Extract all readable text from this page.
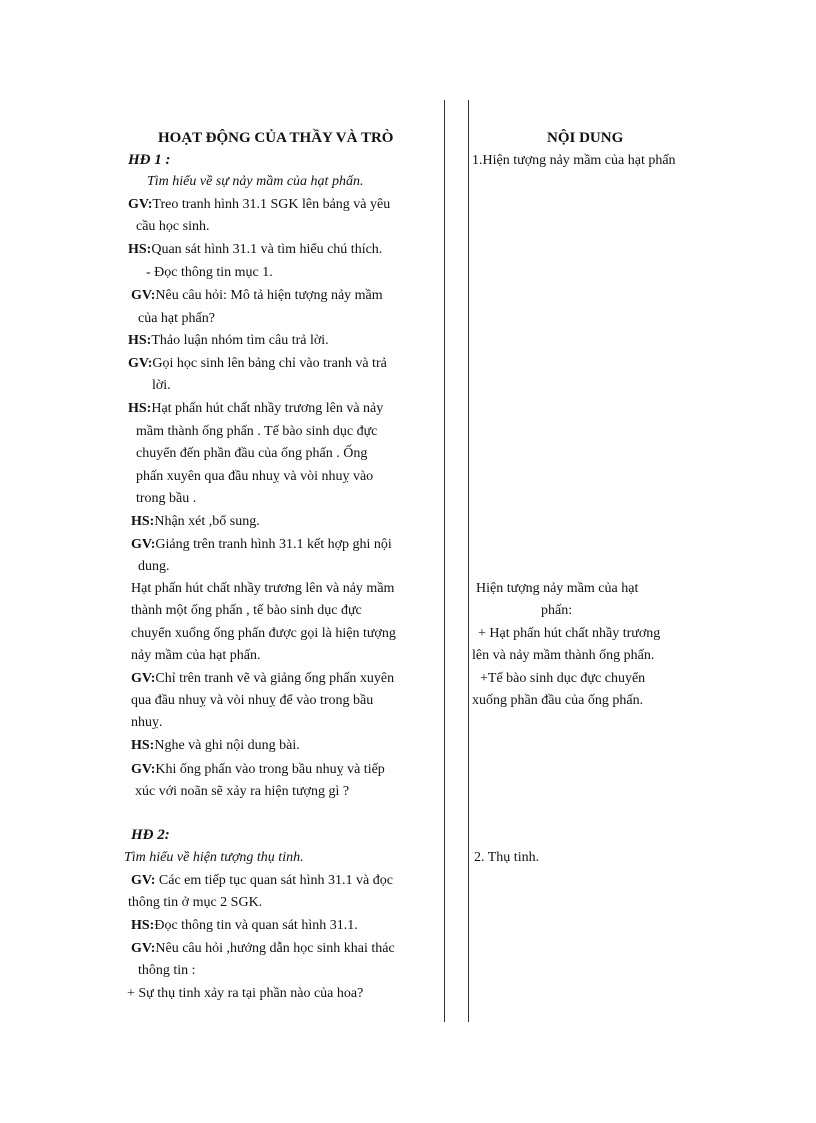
HOẠT ĐỘNG CỦA THẦY VÀ TRÒ
HĐ 1 :
Tìm hiểu về sự nảy mầm của hạt phấn.
GV:Treo tranh hình 31.1 SGK lên bảng và yêu
cầu học sinh.
HS:Quan sát hình 31.1 và tìm hiểu chú thích.
- Đọc thông tin mục 1.
GV:Nêu câu hỏi: Mô tả hiện tượng nảy mầm
của hạt phấn?
HS:Thảo luận nhóm tìm câu trả lời.
GV:Gọi học sinh lên bảng chỉ vào tranh và trả
lời.
HS:Hạt phấn hút chất nhầy trương lên và nảy
mầm thành ống phấn . Tế bào sinh dục đực
chuyển đến phần đầu của ống phấn . Ống
phấn xuyên qua đầu nhuỵ và vòi nhuỵ vào
trong bầu .
HS:Nhận xét ,bổ sung.
GV:Giảng trên tranh hình 31.1 kết hợp ghi nội
dung.
Hạt phấn hút chất nhầy trương lên và nảy mầm
thành một ống phấn , tế bào sinh dục đực
chuyển xuống ống phấn được gọi là hiện tượng
nảy mầm của hạt phấn.
GV:Chỉ trên tranh vẽ và giảng ống phấn xuyên
qua đầu nhuỵ và vòi nhuỵ để vào trong bầu
nhuỵ.
HS:Nghe và ghi nội dung bài.
GV:Khi ống phấn vào trong bầu nhuỵ và tiếp
xúc với noãn sẽ xảy ra hiện tượng gì ?
HĐ 2:
Tìm hiểu về hiện tượng thụ tinh.
GV: Các em tiếp tục quan sát hình 31.1 và đọc
thông tin ở mục 2 SGK.
HS:Đọc thông tin và quan sát hình 31.1.
GV:Nêu câu hỏi ,hướng dẫn học sinh khai thác
thông tin :
+ Sự thụ tinh xảy ra tại phần nào của hoa?
NỘI DUNG
1.Hiện tượng nảy mầm của hạt phấn
Hiện tượng nảy mầm của hạt
phấn:
+ Hạt phấn hút chất nhầy trương
lên và nảy mầm thành ống phấn.
+Tế bào sinh dục đực chuyển
xuống phần đầu của ống phấn.
2. Thụ tinh.
